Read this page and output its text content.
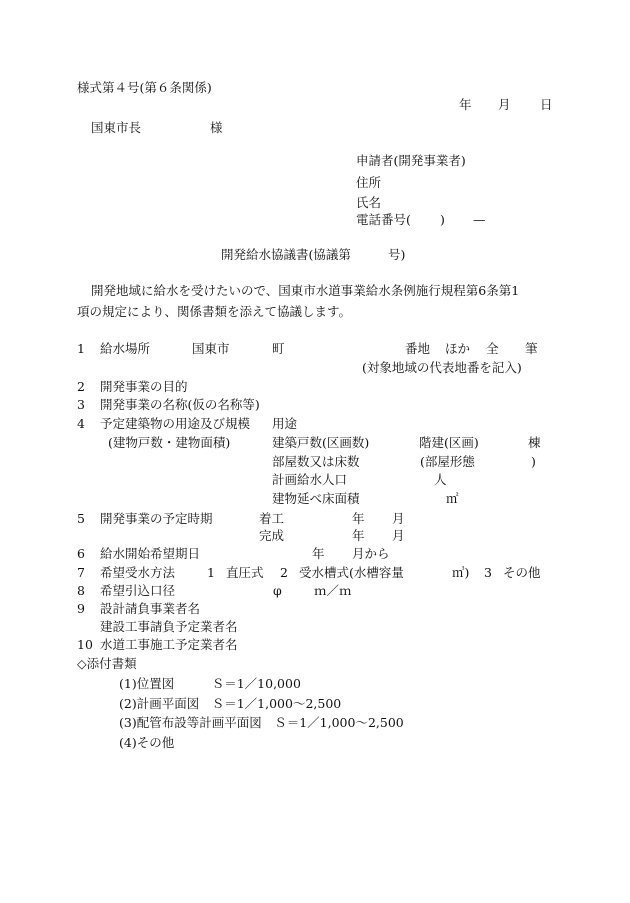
様式第４号(第６条関係)
年 月 日
国東市長	様
申請者(開発事業者)
住所
氏名
電話番号( ) —
開発給水協議書(協議第	号)
開発地域に給水を受けたいので、国東市水道事業給水条例施行規程第6条第1
項の規定により、関係書類を添えて協議します。
1 給水場所	国東市	町	番地 ほか 全 筆
(対象地域の代表地番を記入)
2 開発事業の目的
3 開発事業の名称(仮の名称等)
4 予定建築物の用途及び規模 用途
(建物戸数・建物面積)	建築戸数(区画数)	階建(区画)	棟
部屋数又は床数	(部屋形態	)
計画給水人口	人
建物延べ床面積	㎡
5 開発事業の予定時期	着工	年 月
完成	年 月
6 給水開始希望期日	年 月から
7 希望受水方法	1 直圧式 2 受水槽式(水槽容量	㎥) 3 その他
8 希望引込口径	φ	ｍ／ｍ
9 設計請負事業者名
建設工事請負予定業者名
10 水道工事施工予定業者名
◇添付書類
(1)位置図　　　Ｓ＝1／10,000
(2)計画平面図　Ｓ＝1／1,000～2,500
(3)配管布設等計画平面図　Ｓ＝1／1,000～2,500
(4)その他
